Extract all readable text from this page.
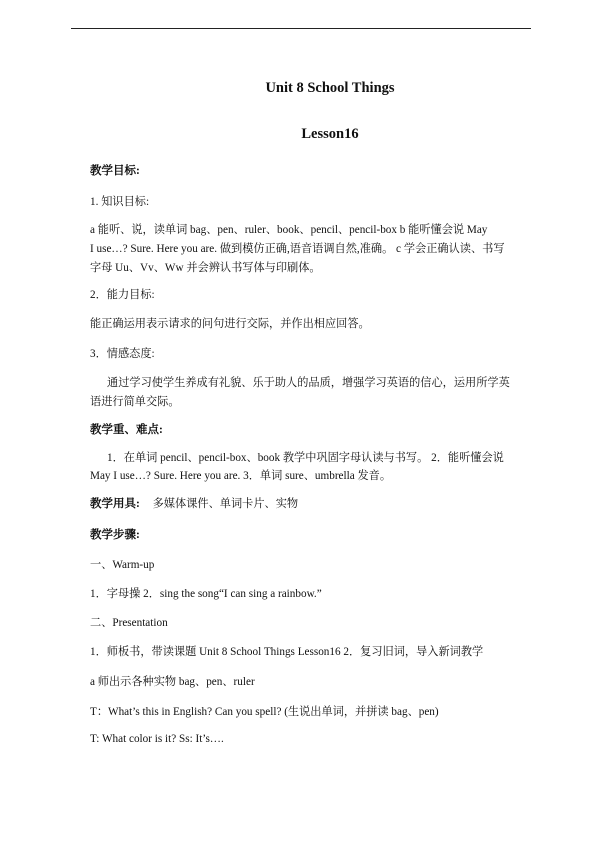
Unit 8 School Things
Lesson16
教学目标:
1. 知识目标:
a 能听、说，读单词 bag、pen、ruler、book、pencil、pencil-box b 能听懂会说 May
I use…? Sure. Here you are. 做到模仿正确,语音语调自然,准确。 c 学会正确认读、书写
字母 Uu、Vv、Ww 并会辨认书写体与印刷体。
2．能力目标:
能正确运用表示请求的问句进行交际，并作出相应回答。
3．情感态度:
通过学习使学生养成有礼貌、乐于助人的品质，增强学习英语的信心，运用所学英
语进行简单交际。
教学重、难点:
1．在单词 pencil、pencil-box、book 教学中巩固字母认读与书写。 2．能听懂会说
May I use…? Sure. Here you are. 3．单词 sure、umbrella 发音。
教学用具: 多媒体课件、单词卡片、实物
教学步骤:
一、Warm-up
1．字母操 2．sing the song“I can sing a rainbow.”
二、Presentation
1．师板书，带读课题 Unit 8 School Things Lesson16 2．复习旧词，导入新词教学
a 师出示各种实物 bag、pen、ruler
T：What’s this in English? Can you spell? (生说出单词，并拼读 bag、pen)
T: What color is it? Ss: It’s….
